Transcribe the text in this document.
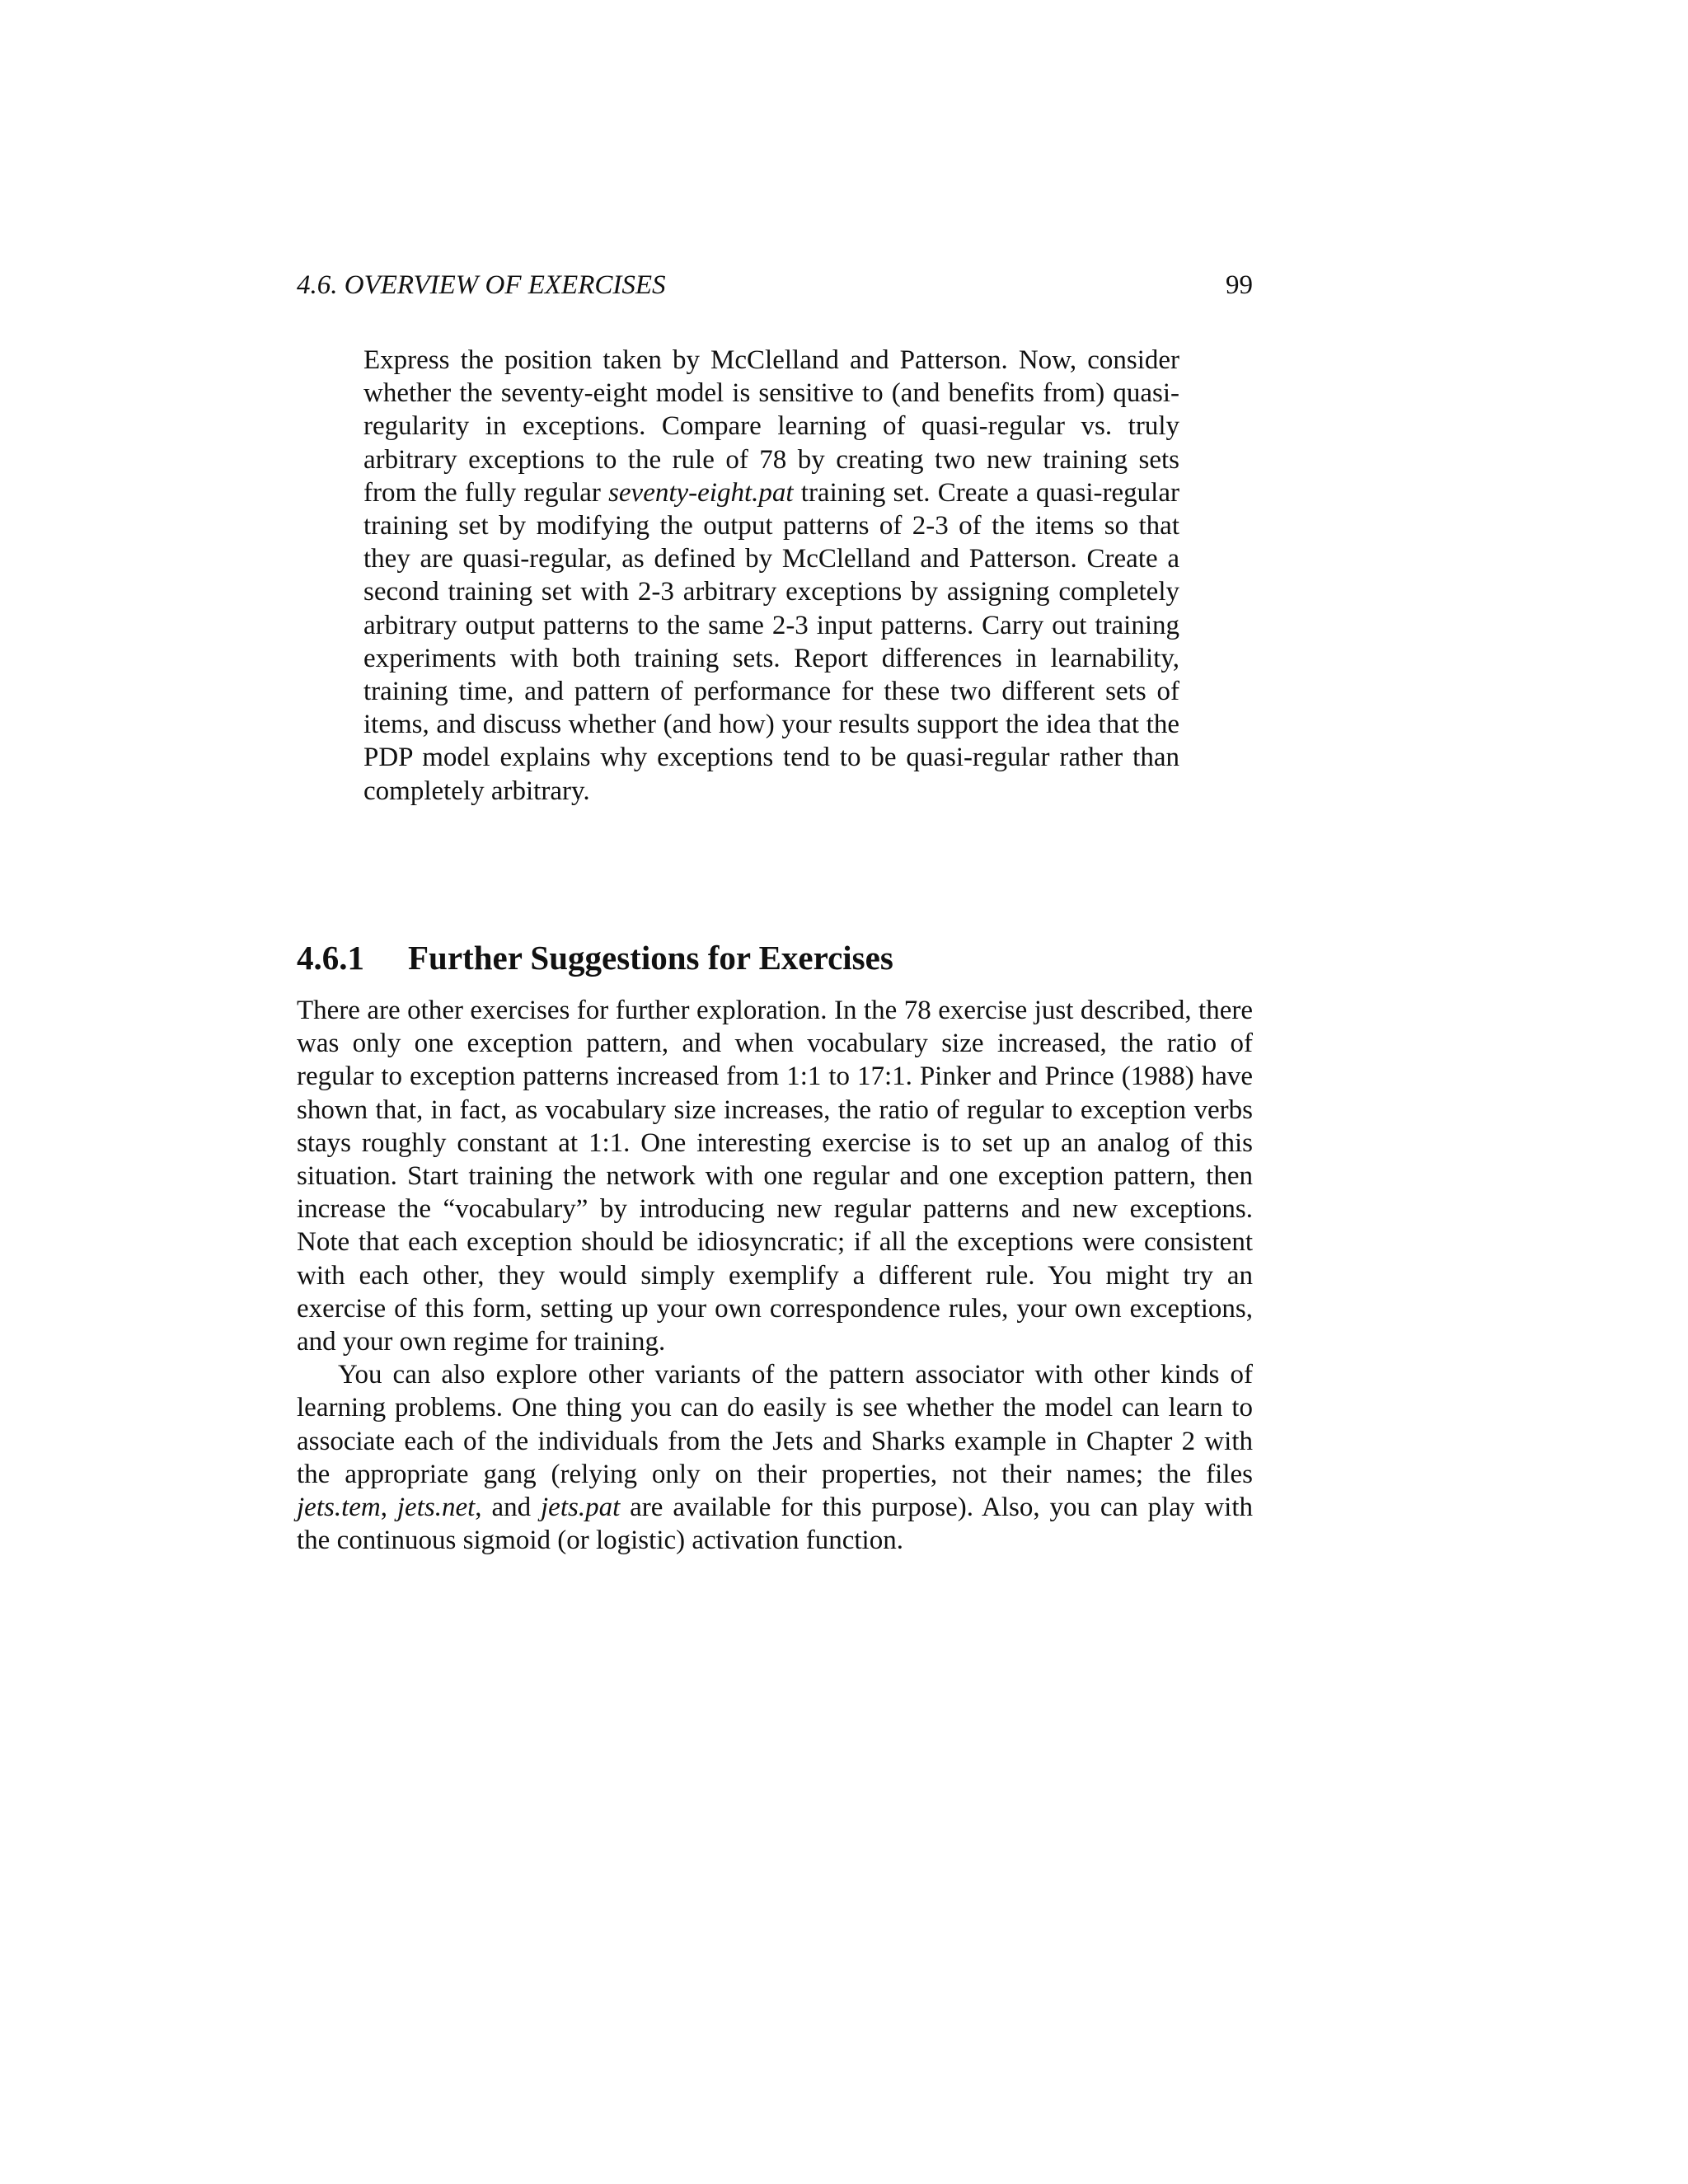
4.6. OVERVIEW OF EXERCISES	99

Express the position taken by McClelland and Patterson. Now, consider whether the seventy-eight model is sensitive to (and benefits from) quasi-regularity in exceptions. Compare learning of quasi-regular vs. truly arbitrary exceptions to the rule of 78 by creating two new training sets from the fully regular seventy-eight.pat training set. Create a quasi-regular training set by modifying the output patterns of 2-3 of the items so that they are quasi-regular, as defined by McClelland and Patterson. Create a second training set with 2-3 arbitrary exceptions by assigning completely arbitrary output patterns to the same 2-3 input patterns. Carry out training experiments with both training sets. Report differences in learnability, training time, and pattern of performance for these two different sets of items, and discuss whether (and how) your results support the idea that the PDP model explains why exceptions tend to be quasi-regular rather than completely arbitrary.

4.6.1 Further Suggestions for Exercises

There are other exercises for further exploration. In the 78 exercise just described, there was only one exception pattern, and when vocabulary size increased, the ratio of regular to exception patterns increased from 1:1 to 17:1. Pinker and Prince (1988) have shown that, in fact, as vocabulary size increases, the ratio of regular to exception verbs stays roughly constant at 1:1. One interesting exercise is to set up an analog of this situation. Start training the network with one regular and one exception pattern, then increase the “vocabulary” by introducing new regular patterns and new exceptions. Note that each exception should be idiosyncratic; if all the exceptions were consistent with each other, they would simply exemplify a different rule. You might try an exercise of this form, setting up your own correspondence rules, your own exceptions, and your own regime for training.

You can also explore other variants of the pattern associator with other kinds of learning problems. One thing you can do easily is see whether the model can learn to associate each of the individuals from the Jets and Sharks example in Chapter 2 with the appropriate gang (relying only on their properties, not their names; the files jets.tem, jets.net, and jets.pat are available for this purpose). Also, you can play with the continuous sigmoid (or logistic) activation function.
